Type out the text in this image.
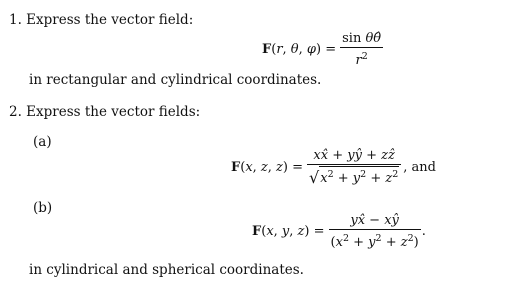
1. Express the vector field:
F(r, θ, $\varphi) = \frac{\text{sin θθ̂}}{r^2}$
in rectangular and cylindrical coordinates.
2. Express the vector fields:
(a)
F(x, z, $z) = \frac{\text{xx̂ + yŷ + zẑ}}{√ x^2 + y^2 + z^2}$ , and
(b)
F(x, y, $z) = \frac{yx̂ - xŷ}{(x^2 + y^2 + z^2)}$ .
in cylindrical and spherical coordinates.
